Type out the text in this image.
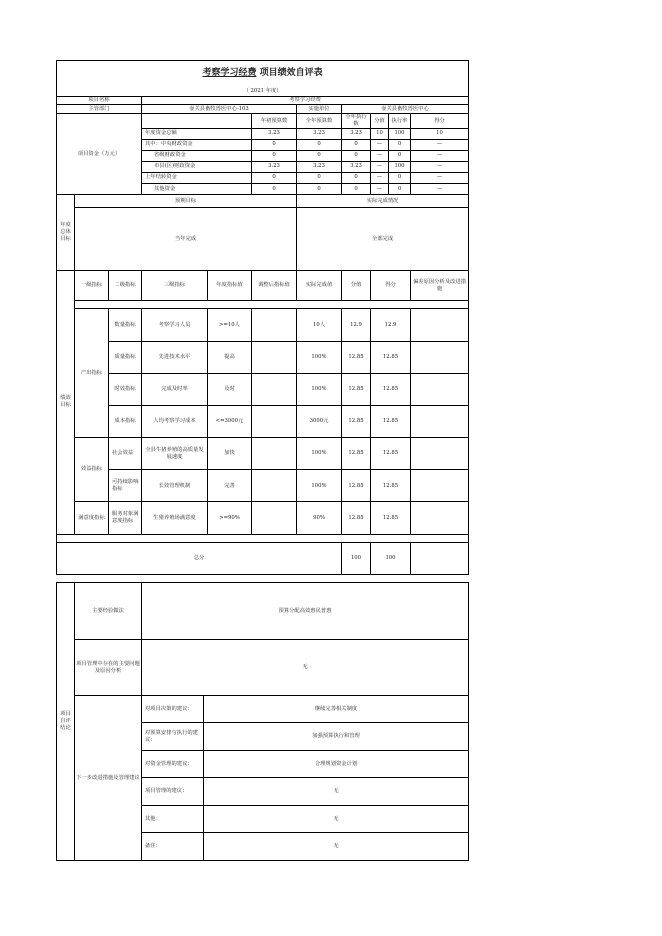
考察学习经费 项目绩效自评表										
（ 2021 年度）										
项目名称			考察学习经费							
主管部门			壶关县畜牧兽医中心-103			实施单位	壶关县畜牧兽医中心			
项目资金（万元）					年初预算数	全年预算数	全年执行数	分值	执行率	得分
			年度资金总额		3.23	3.23	3.23	10	100	10
			其中：中央财政资金		0	0	0	—	0	—
			省级财政资金		0	0	0	—	0	—
			市县(区)财政资金		3.23	3.23	3.23	—	100	—
			上年结转资金		0	0	0	—	0	—
			其他资金		0	0	0	—	0	—
年度总体目标	预期目标					实际完成情况				
	当年完成					全部完成				
绩效目标	一级指标	二级指标	三级指标	年度指标值	调整后指标值	实际完成值	分值	得分		偏差原因分析及改进措施

	产出指标	数量指标	考察学习人员	>=10人		10人	12.9	12.9		
		质量指标	先进技术水平	提高		100%	12.85	12.85		
		时效指标	完成及时率	及时		100%	12.85	12.85		
		成本指标	人均考察学习成本	<=3000元		3000元	12.85	12.85		
	效益指标	社会效益	全县牛猪养殖的高质量发展速度	加快		100%	12.85	12.85		
		可持续影响指标	长效管理机制	完善		100%	12.85	12.85		
	满意度指标	服务对象满意度指标	生猪养殖场满意度	>=90%		90%	12.85	12.85		

总分							100	100		
项目自评结论	主要经验做法	预算分配高效惠民普惠	
	项目管理中存在的主要问题及原因分析	无	
	下一步改进措施及管理建议	对项目决策的建议：	继续完善相关制度
		对预算安排与执行的建议：	加强预算执行和管理
		对资金管理的建议：	合理规划资金计划
		项目管理的建议：	无
		其他：	无
		备注：	无
